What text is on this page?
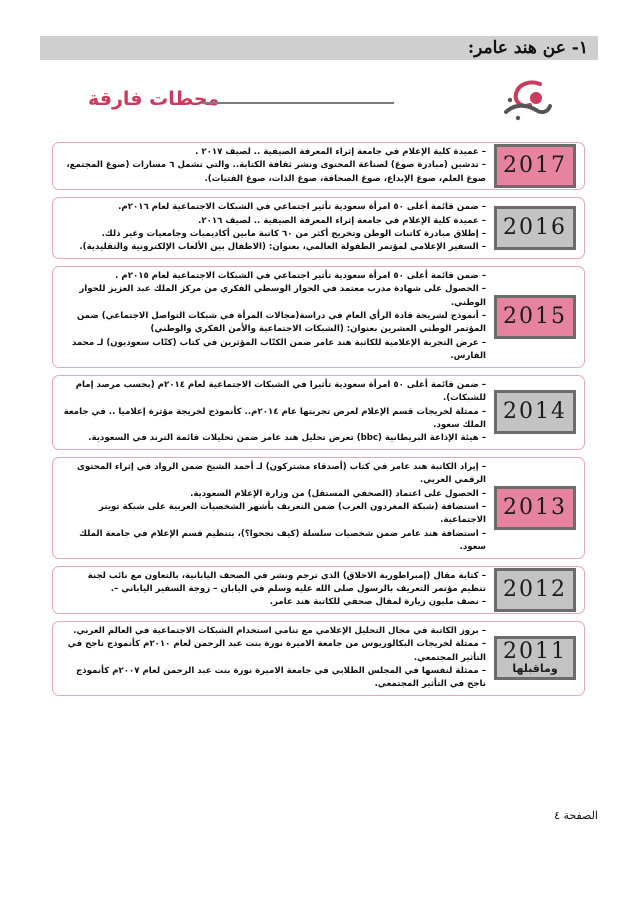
١- عن هند عامر:
محطات فارقة
2017
– عميدة كلية الإعلام في جامعة إثراء المعرفة الصيفية .. لصيف ٢٠١٧ .
– تدشين (مبادرة صوغ) لصناعة المحتوى ونشر ثقافة الكتابة.. والتي تشمل ٦ مسارات (صوغ المجتمع، صوغ العلم، صوغ الإبداع، صوغ الصحافة، صوغ الذات، صوغ الفتيات).
2016
– ضمن قائمة أعلى ٥٠ امرأة سعودية تأثير اجتماعي في الشبكات الاجتماعية لعام ٢٠١٦م.
– عميدة كلية الإعلام في جامعة إثراء المعرفة الصيفية .. لصيف ٢٠١٦.
– إطلاق مبادرة كاتبات الوطن وتخريج أكثر من ٦٠ كاتبة مابين أكاديميات وجامعيات وغير ذلك.
– السفير الإعلامي لمؤتمر الطفولة العالمي، بعنوان: (الاطفال بين الألعاب الإلكترونية والتقليدية).
2015
– ضمن قائمة أعلى ٥٠ امرأة سعودية تأثير اجتماعي في الشبكات الاجتماعية لعام ٢٠١٥م .
– الحصول على شهادة مدرب معتمد في الحوار الوسطي الفكري من مركز الملك عبد العزيز للحوار الوطني.
– أنموذج لشريحة قادة الرأي العام في دراسة(مجالات المرأة في شبكات التواصل الاجتماعي) ضمن المؤتمر الوطني العشرين بعنوان: (الشبكات الاجتماعية والأمن الفكري والوطني)
– عرض التجربة الإعلامية للكاتبة هند عامر ضمن الكتّاب المؤثرين في كتاب (كتّاب سعوديون) لـ محمد الفارس.
2014
– ضمن قائمة أعلى ٥٠ امرأة سعودية تأثيرا في الشبكات الاجتماعية لعام ٢٠١٤م (بحسب مرصد إمام للشبكات).
– ممثلة لخريجات قسم الإعلام لعرض تجربتها عام ٢٠١٤م.. كأنموذج لخريجة مؤثرة إعلاميا .. في جامعة الملك سعود.
– هيئة الإذاعة البريطانية (bbc) تعرض تحليل هند عامر ضمن تحليلات قائمة الترند في السعودية.
2013
– إيراد الكاتبة هند عامر في كتاب (أصدقاء مشتركون) لـ أحمد الشيخ ضمن الرواد في إثراء المحتوى الرقمي العربي.
– الحصول على اعتماد (الصحفي المستقل) من وزارة الإعلام السعودية.
– استضافة (شبكة المغردون العرب) ضمن التعريف بأشهر الشخصيات العربية على شبكة تويتر الاجتماعية.
– استضافة هند عامر ضمن شخصيات سلسلة (كيف نجحوا؟)، بتنظيم قسم الإعلام في جامعة الملك سعود.
2012
– كتابة مقال (إمبراطورية الاخلاق) الذي ترجم ونشر في الصحف اليابانية، بالتعاون مع نائب لجنة تنظيم مؤتمر التعريف بالرسول صلى الله عليه وسلم في اليابان – زوجة السفير الياباني –.
– نصف مليون زيارة لمقال صحفي للكاتبة هند عامر.
2011
وماقبلها
– بروز الكاتبة في مجال التحليل الإعلامي مع تنامي استخدام الشبكات الاجتماعية في العالم العربي.
– ممثلة لخريجات البكالوريوس من جامعة الاميرة نورة بنت عبد الرحمن لعام ٢٠١٠م كأنموذج ناجح في التأثير المجتمعي.
– ممثلة لنفسها في المجلس الطلابي في جامعة الاميرة نورة بنت عبد الرحمن لعام ٢٠٠٧م كأنموذج ناجح في التأثير المجتمعي.
الصفحة ٤
